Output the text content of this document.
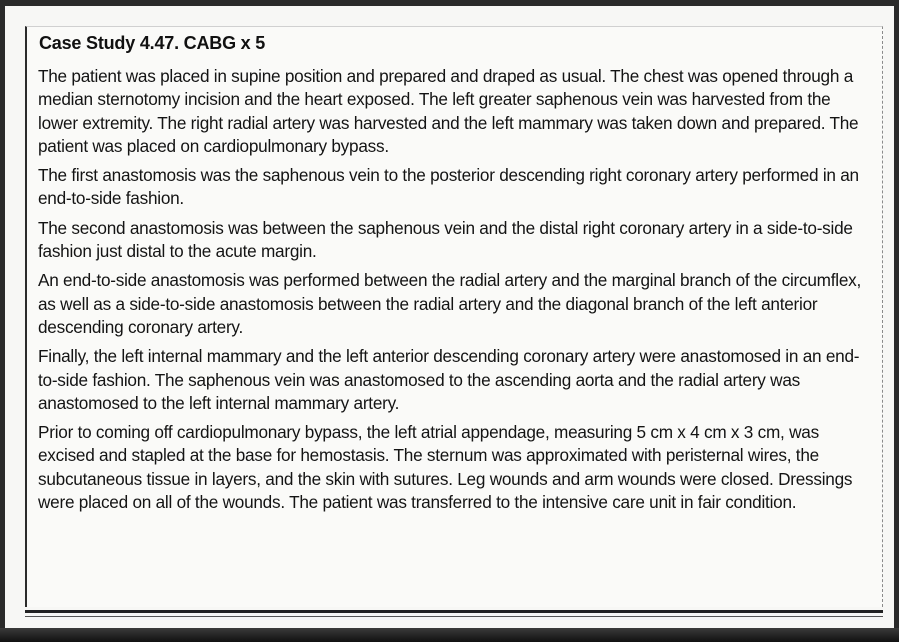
Case Study 4.47. CABG x 5

The patient was placed in supine position and prepared and draped as usual. The chest was opened through a median sternotomy incision and the heart exposed. The left greater saphenous vein was harvested from the lower extremity. The right radial artery was harvested and the left mammary was taken down and prepared. The patient was placed on cardiopulmonary bypass.

The first anastomosis was the saphenous vein to the posterior descending right coronary artery performed in an end-to-side fashion.

The second anastomosis was between the saphenous vein and the distal right coronary artery in a side-to-side fashion just distal to the acute margin.

An end-to-side anastomosis was performed between the radial artery and the marginal branch of the circumflex, as well as a side-to-side anastomosis between the radial artery and the diagonal branch of the left anterior descending coronary artery.

Finally, the left internal mammary and the left anterior descending coronary artery were anastomosed in an end-to-side fashion. The saphenous vein was anastomosed to the ascending aorta and the radial artery was anastomosed to the left internal mammary artery.

Prior to coming off cardiopulmonary bypass, the left atrial appendage, measuring 5 cm x 4 cm x 3 cm, was excised and stapled at the base for hemostasis. The sternum was approximated with peristernal wires, the subcutaneous tissue in layers, and the skin with sutures. Leg wounds and arm wounds were closed. Dressings were placed on all of the wounds. The patient was transferred to the intensive care unit in fair condition.
